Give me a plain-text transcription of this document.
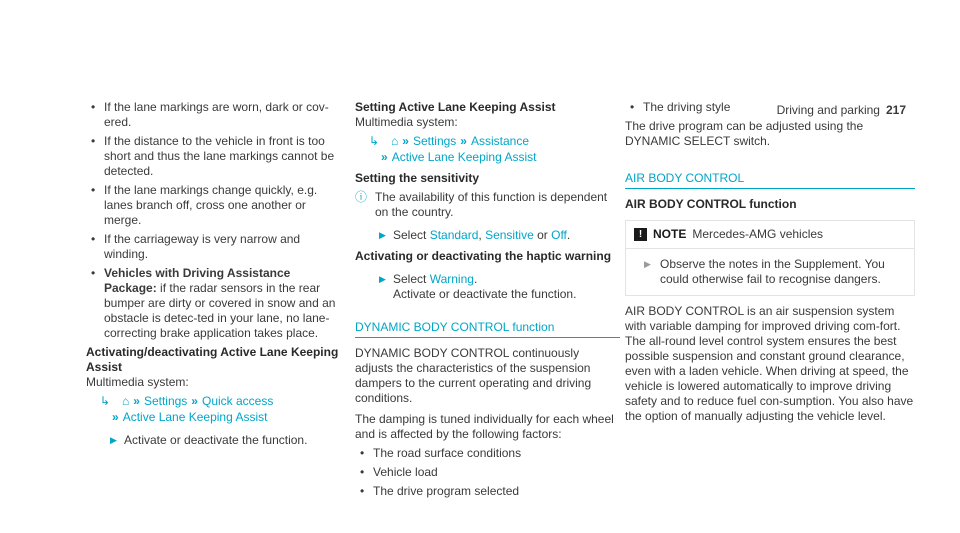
Driving and parking 217
• If the lane markings are worn, dark or cov-ered.
• If the distance to the vehicle in front is too short and thus the lane markings cannot be detected.
• If the lane markings change quickly, e.g. lanes branch off, cross one another or merge.
• If the carriageway is very narrow and winding.
• Vehicles with Driving Assistance Package: if the radar sensors in the rear bumper are dirty or covered in snow and an obstacle is detec-ted in your lane, no lane-correcting brake application takes place.
Activating/deactivating Active Lane Keeping Assist
Multimedia system:
↳ ⌂ » Settings » Quick access
» Active Lane Keeping Assist
▶ Activate or deactivate the function.
Setting Active Lane Keeping Assist
Multimedia system:
↳ ⌂ » Settings » Assistance
» Active Lane Keeping Assist
Setting the sensitivity
ⓘ The availability of this function is dependent on the country.
▶ Select Standard, Sensitive or Off.
Activating or deactivating the haptic warning
▶ Select Warning.
Activate or deactivate the function.
DYNAMIC BODY CONTROL function
DYNAMIC BODY CONTROL continuously adjusts the characteristics of the suspension dampers to the current operating and driving conditions.
The damping is tuned individually for each wheel and is affected by the following factors:
• The road surface conditions
• Vehicle load
• The drive program selected
• The driving style
The drive program can be adjusted using the DYNAMIC SELECT switch.
AIR BODY CONTROL
AIR BODY CONTROL function
! NOTE Mercedes-AMG vehicles
▶ Observe the notes in the Supplement. You could otherwise fail to recognise dangers.
AIR BODY CONTROL is an air suspension system with variable damping for improved driving com-fort. The all-round level control system ensures the best possible suspension and constant ground clearance, even with a laden vehicle. When driving at speed, the vehicle is lowered automatically to improve driving safety and to reduce fuel con-sumption. You also have the option of manually adjusting the vehicle level.
